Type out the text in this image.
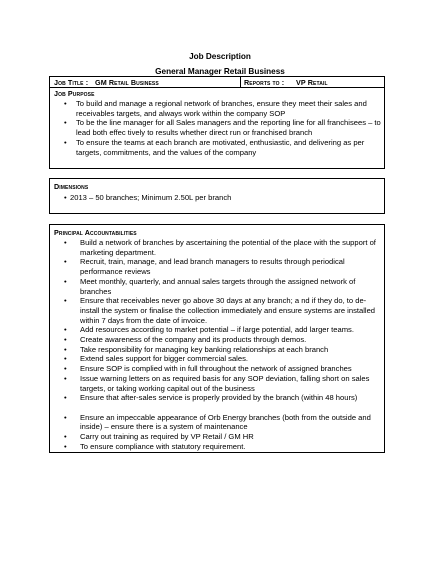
Job Description
General Manager Retail Business
Job Title : GM Retail Business	Reports to : VP Retail
Job Purpose
• To build and manage a regional network of branches, ensure they meet their sales and receivables targets, and always work within the company SOP
• To be the line manager for all Sales managers and the reporting line for all franchisees – to lead both effec tively to results whether direct run or franchised branch
• To ensure the teams at each branch are motivated, enthusiastic, and delivering as per targets, commitments, and the values of the company
Dimensions
• 2013 – 50 branches; Minimum 2.50L per branch
Principal Accountabilities
• Build a network of branches by ascertaining the potential of the place with the support of marketing department.
• Recruit, train, manage, and lead branch managers to results through periodical performance reviews
• Meet monthly, quarterly, and annual sales targets through the assigned network of branches
• Ensure that receivables never go above 30 days at any branch; a nd if they do, to de-install the system or finalise the collection immediately and ensure systems are installed within 7 days from the date of invoice.
• Add resources according to market potential – if large potential, add larger teams.
• Create awareness of the company and its products through demos.
• Take responsibility for managing key banking relationships at each branch
• Extend sales support for bigger commercial sales.
• Ensure SOP is complied with in full throughout the network of assigned branches
• Issue warning letters on as required basis for any SOP deviation, falling short on sales targets, or taking working capital out of the business
• Ensure that after-sales service is properly provided by the branch (within 48 hours)
• Ensure an impeccable appearance of Orb Energy branches (both from the outside and inside) – ensure there is a system of maintenance
• Carry out training as required by VP Retail / GM HR
• To ensure compliance with statutory requirement.
